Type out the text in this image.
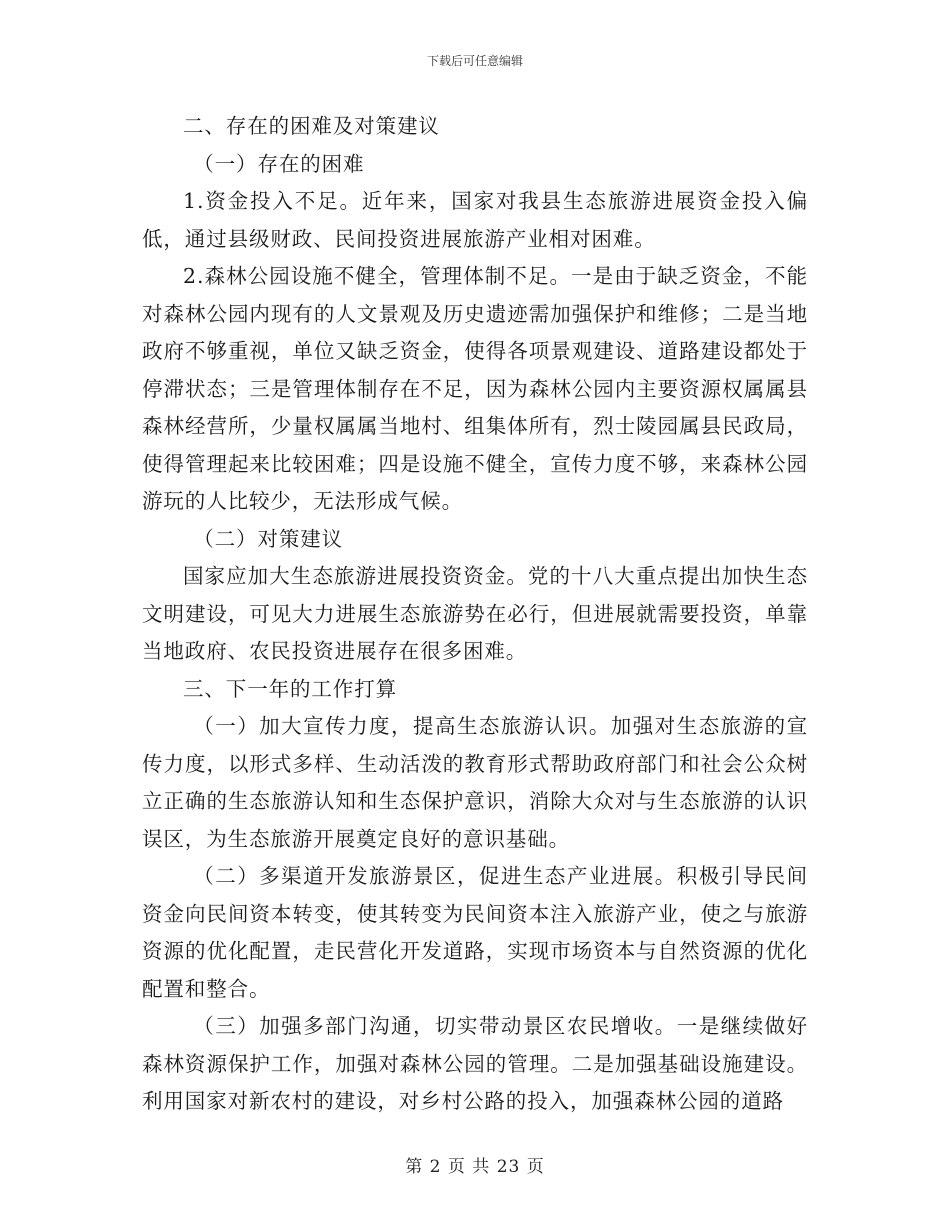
下载后可任意编辑

二、存在的困难及对策建议

（一）存在的困难

1.资金投入不足。近年来，国家对我县生态旅游进展资金投入偏低，通过县级财政、民间投资进展旅游产业相对困难。

2.森林公园设施不健全，管理体制不足。一是由于缺乏资金，不能对森林公园内现有的人文景观及历史遗迹需加强保护和维修；二是当地政府不够重视，单位又缺乏资金，使得各项景观建设、道路建设都处于停滞状态；三是管理体制存在不足，因为森林公园内主要资源权属属县森林经营所，少量权属属当地村、组集体所有，烈士陵园属县民政局，使得管理起来比较困难；四是设施不健全，宣传力度不够，来森林公园游玩的人比较少，无法形成气候。

（二）对策建议

国家应加大生态旅游进展投资资金。党的十八大重点提出加快生态文明建设，可见大力进展生态旅游势在必行，但进展就需要投资，单靠当地政府、农民投资进展存在很多困难。

三、下一年的工作打算

（一）加大宣传力度，提高生态旅游认识。加强对生态旅游的宣传力度，以形式多样、生动活泼的教育形式帮助政府部门和社会公众树立正确的生态旅游认知和生态保护意识，消除大众对与生态旅游的认识误区，为生态旅游开展奠定良好的意识基础。

（二）多渠道开发旅游景区，促进生态产业进展。积极引导民间资金向民间资本转变，使其转变为民间资本注入旅游产业，使之与旅游资源的优化配置，走民营化开发道路，实现市场资本与自然资源的优化配置和整合。

（三）加强多部门沟通，切实带动景区农民增收。一是继续做好森林资源保护工作，加强对森林公园的管理。二是加强基础设施建设。利用国家对新农村的建设，对乡村公路的投入，加强森林公园的道路

第 2 页 共 23 页
